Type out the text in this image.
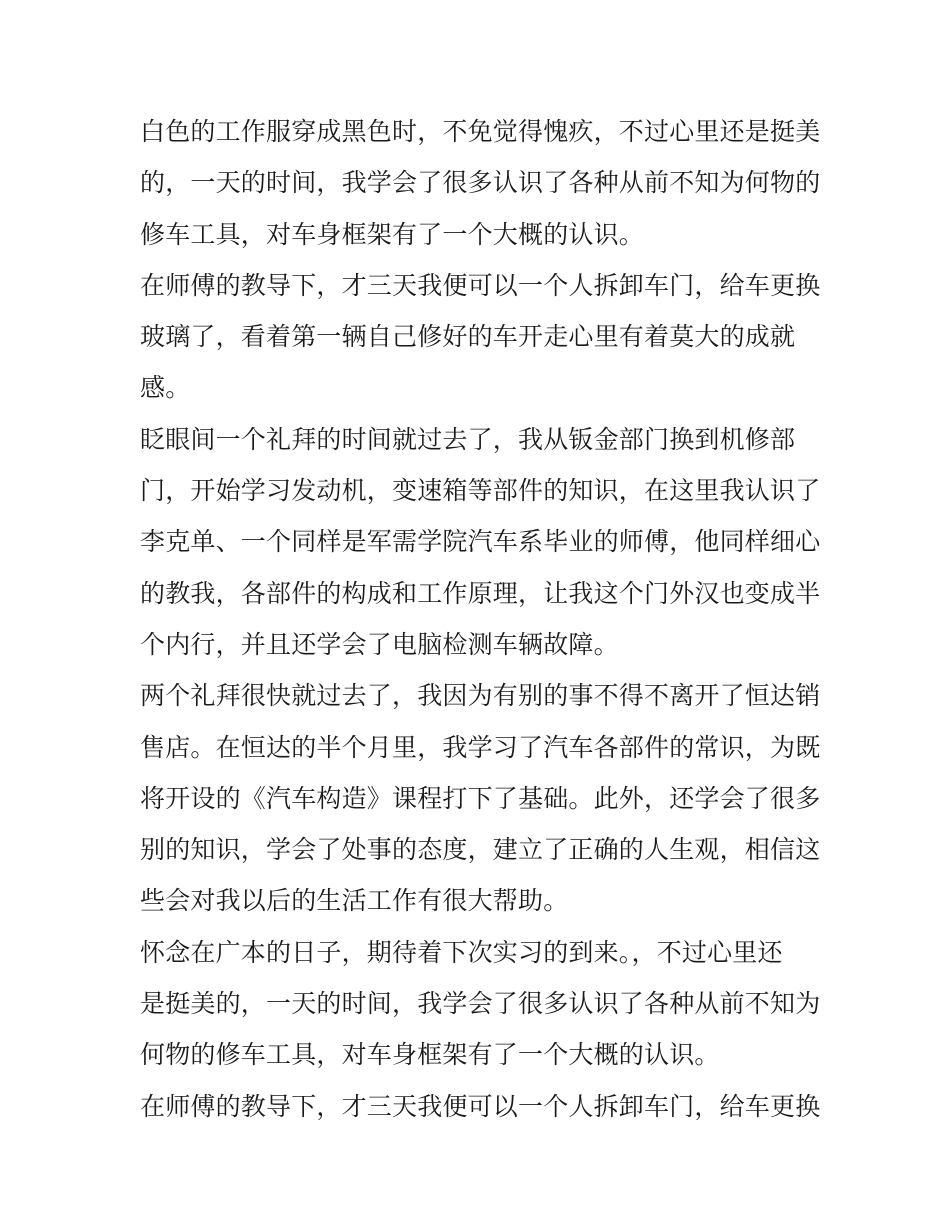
白色的工作服穿成黑色时，不免觉得愧疚，不过心里还是挺美
的，一天的时间，我学会了很多认识了各种从前不知为何物的
修车工具，对车身框架有了一个大概的认识。
在师傅的教导下，才三天我便可以一个人拆卸车门，给车更换
玻璃了，看着第一辆自己修好的车开走心里有着莫大的成就
感。
眨眼间一个礼拜的时间就过去了，我从钣金部门换到机修部
门，开始学习发动机，变速箱等部件的知识，在这里我认识了
李克单、一个同样是军需学院汽车系毕业的师傅，他同样细心
的教我，各部件的构成和工作原理，让我这个门外汉也变成半
个内行，并且还学会了电脑检测车辆故障。
两个礼拜很快就过去了，我因为有别的事不得不离开了恒达销
售店。在恒达的半个月里，我学习了汽车各部件的常识，为既
将开设的《汽车构造》课程打下了基础。此外，还学会了很多
别的知识，学会了处事的态度，建立了正确的人生观，相信这
些会对我以后的生活工作有很大帮助。
怀念在广本的日子，期待着下次实习的到来。，不过心里还
是挺美的，一天的时间，我学会了很多认识了各种从前不知为
何物的修车工具，对车身框架有了一个大概的认识。
在师傅的教导下，才三天我便可以一个人拆卸车门，给车更换
